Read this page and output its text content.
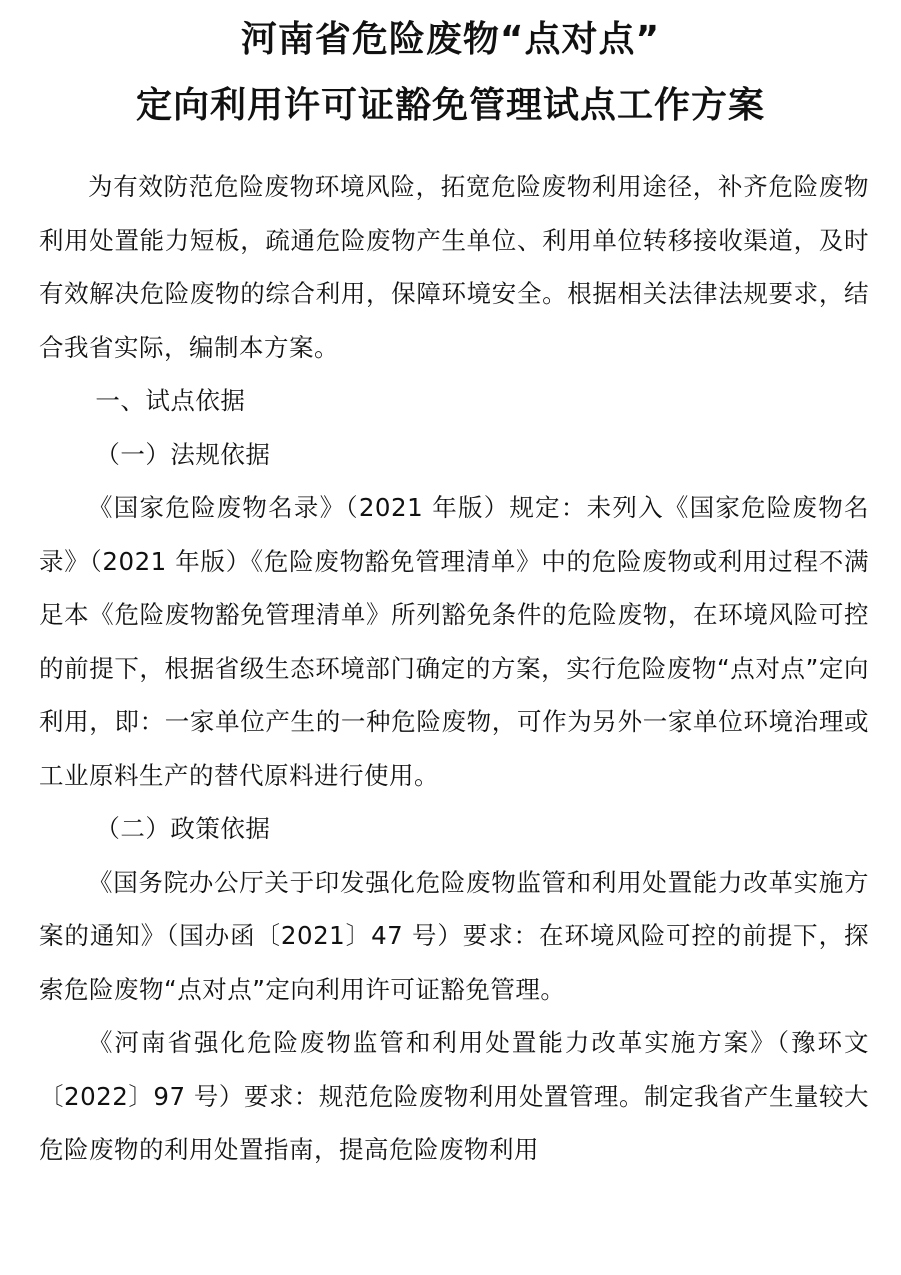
河南省危险废物“点对点”
定向利用许可证豁免管理试点工作方案

为有效防范危险废物环境风险，拓宽危险废物利用途径，补齐危险废物利用处置能力短板，疏通危险废物产生单位、利用单位转移接收渠道，及时有效解决危险废物的综合利用，保障环境安全。根据相关法律法规要求，结合我省实际，编制本方案。

一、试点依据

（一）法规依据

《国家危险废物名录》（2021 年版）规定：未列入《国家危险废物名录》（2021 年版）《危险废物豁免管理清单》中的危险废物或利用过程不满足本《危险废物豁免管理清单》所列豁免条件的危险废物，在环境风险可控的前提下，根据省级生态环境部门确定的方案，实行危险废物“点对点”定向利用，即：一家单位产生的一种危险废物，可作为另外一家单位环境治理或工业原料生产的替代原料进行使用。

（二）政策依据

《国务院办公厅关于印发强化危险废物监管和利用处置能力改革实施方案的通知》（国办函〔2021〕47 号）要求：在环境风险可控的前提下，探索危险废物“点对点”定向利用许可证豁免管理。

《河南省强化危险废物监管和利用处置能力改革实施方案》（豫环文〔2022〕97 号）要求：规范危险废物利用处置管理。制定我省产生量较大危险废物的利用处置指南，提高危险废物利用
